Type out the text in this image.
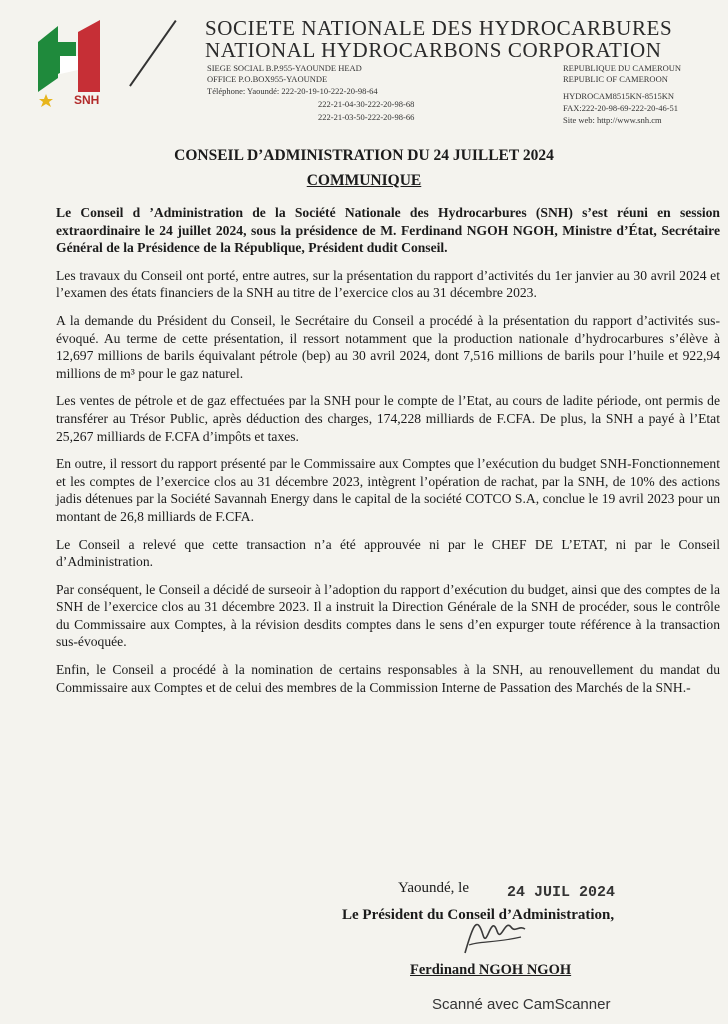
SNH
SOCIETE NATIONALE DES HYDROCARBURES
NATIONAL HYDROCARBONS CORPORATION
SIEGE SOCIAL B.P.955-YAOUNDE HEAD
OFFICE P.O.BOX955-YAOUNDE
Téléphone: Yaoundé: 222-20-19-10-222-20-98-64
222-21-04-30-222-20-98-68
222-21-03-50-222-20-98-66
REPUBLIQUE DU CAMEROUN
REPUBLIC OF CAMEROON
HYDROCAM8515KN-8515KN
FAX:222-20-98-69-222-20-46-51
Site web: http://www.snh.cm
CONSEIL D’ADMINISTRATION DU 24 JUILLET 2024
COMMUNIQUE

Le Conseil d ’Administration de la Société Nationale des Hydrocarbures (SNH) s’est réuni en session extraordinaire le 24 juillet 2024, sous la présidence de M. Ferdinand NGOH NGOH, Ministre d’État, Secrétaire Général de la Présidence de la République, Président dudit Conseil.

Les travaux du Conseil ont porté, entre autres, sur la présentation du rapport d’activités du 1er janvier au 30 avril 2024 et l’examen des états financiers de la SNH au titre de l’exercice clos au 31 décembre 2023.

A la demande du Président du Conseil, le Secrétaire du Conseil a procédé à la présentation du rapport d’activités sus-évoqué. Au terme de cette présentation, il ressort notamment que la production nationale d’hydrocarbures s’élève à 12,697 millions de barils équivalant pétrole (bep) au 30 avril 2024, dont 7,516 millions de barils pour l’huile et 922,94 millions de m³ pour le gaz naturel.

Les ventes de pétrole et de gaz effectuées par la SNH pour le compte de l’Etat, au cours de ladite période, ont permis de transférer au Trésor Public, après déduction des charges, 174,228 milliards de F.CFA. De plus, la SNH a payé à l’Etat 25,267 milliards de F.CFA d’impôts et taxes.

En outre, il ressort du rapport présenté par le Commissaire aux Comptes que l’exécution du budget SNH-Fonctionnement et les comptes de l’exercice clos au 31 décembre 2023, intègrent l’opération de rachat, par la SNH, de 10% des actions jadis détenues par la Société Savannah Energy dans le capital de la société COTCO S.A, conclue le 19 avril 2023 pour un montant de 26,8 milliards de F.CFA.

Le Conseil a relevé que cette transaction n’a été approuvée ni par le CHEF DE L’ETAT, ni par le Conseil d’Administration.

Par conséquent, le Conseil a décidé de surseoir à l’adoption du rapport d’exécution du budget, ainsi que des comptes de la SNH de l’exercice clos au 31 décembre 2023. Il a instruit la Direction Générale de la SNH de procéder, sous le contrôle du Commissaire aux Comptes, à la révision desdits comptes dans le sens d’en expurger toute référence à la transaction sus-évoquée.

Enfin, le Conseil a procédé à la nomination de certains responsables à la SNH, au renouvellement du mandat du Commissaire aux Comptes et de celui des membres de la Commission Interne de Passation des Marchés de la SNH.-

Yaoundé, le	24 JUIL 2024
Le Président du Conseil d’Administration,
Ferdinand NGOH NGOH
Scanné avec CamScanner
